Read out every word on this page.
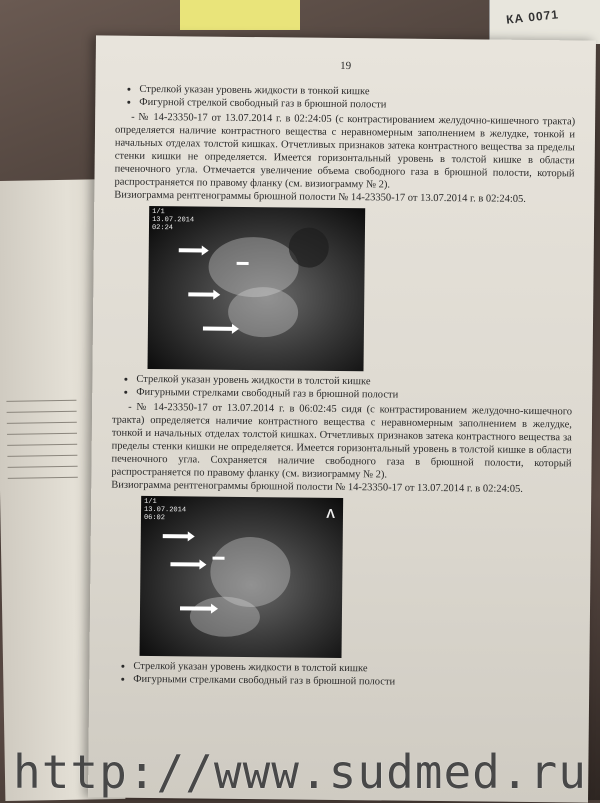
КА 0071
19
• Стрелкой указан уровень жидкости в тонкой кишке
• Фигурной стрелкой свободный газ в брюшной полости

- № 14-23350-17 от 13.07.2014 г. в 02:24:05 (с контрастированием желудочно-кишечного тракта) определяется наличие контрастного вещества с неравномерным заполнением в желудке, тонкой и начальных отделах толстой кишках. Отчетливых признаков затека контрастного вещества за пределы стенки кишки не определяется. Имеется горизонтальный уровень в толстой кишке в области печеночного угла. Отмечается увеличение объема свободного газа в брюшной полости, который распространяется по правому фланку (см. визиограмму № 2).

Визиограмма рентгенограммы брюшной полости № 14-23350-17 от 13.07.2014 г. в 02:24:05.

1/1
13.07.2014
02:24
• Стрелкой указан уровень жидкости в толстой кишке
• Фигурными стрелками свободный газ в брюшной полости

- № 14-23350-17 от 13.07.2014 г. в 06:02:45 сидя (с контрастированием желудочно-кишечного тракта) определяется наличие контрастного вещества с неравномерным заполнением в желудке, тонкой и начальных отделах толстой кишках. Отчетливых признаков затека контрастного вещества за пределы стенки кишки не определяется. Имеется горизонтальный уровень в толстой кишке в области печеночного угла. Сохраняется наличие свободного газа в брюшной полости, который распространяется по правому фланку (см. визиограмму № 2).

Визиограмма рентгенограммы брюшной полости № 14-23350-17 от 13.07.2014 г. в 02:24:05.

1/1
13.07.2014
06:02	Λ
• Стрелкой указан уровень жидкости в толстой кишке
• Фигурными стрелками свободный газ в брюшной полости
http://www.sudmed.ru
